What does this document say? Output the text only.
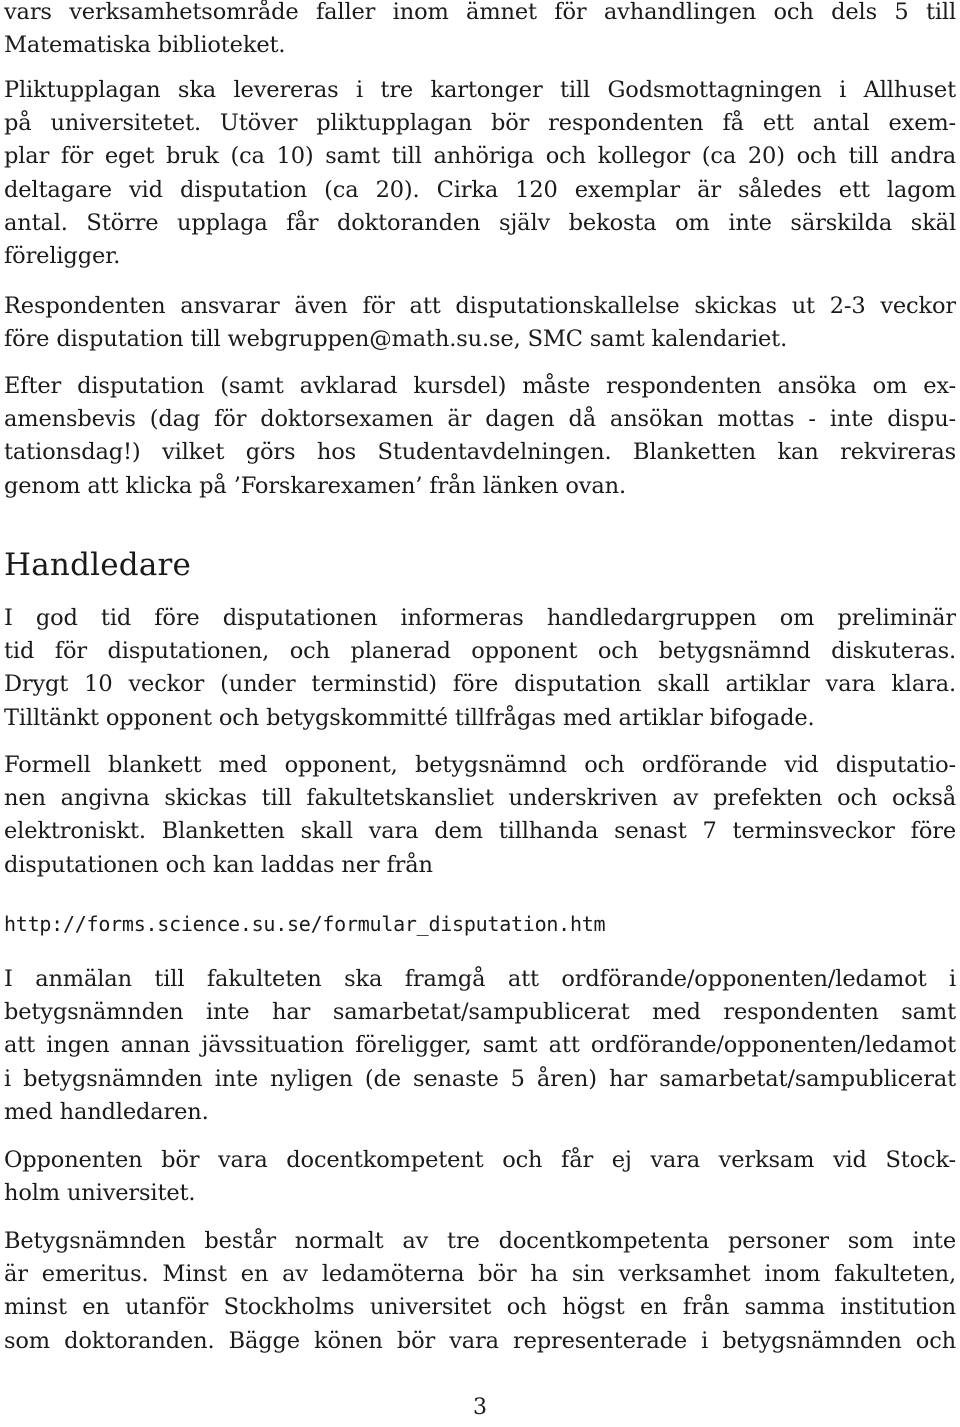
vars verksamhetsområde faller inom ämnet för avhandlingen och dels 5 till
Matematiska biblioteket.
Pliktupplagan ska levereras i tre kartonger till Godsmottagningen i Allhuset
på universitetet. Utöver pliktupplagan bör respondenten få ett antal exem-
plar för eget bruk (ca 10) samt till anhöriga och kollegor (ca 20) och till andra
deltagare vid disputation (ca 20). Cirka 120 exemplar är således ett lagom
antal. Större upplaga får doktoranden själv bekosta om inte särskilda skäl
föreligger.
Respondenten ansvarar även för att disputationskallelse skickas ut 2-3 veckor
före disputation till webgruppen@math.su.se, SMC samt kalendariet.
Efter disputation (samt avklarad kursdel) måste respondenten ansöka om ex-
amensbevis (dag för doktorsexamen är dagen då ansökan mottas - inte dispu-
tationsdag!) vilket görs hos Studentavdelningen. Blanketten kan rekvireras
genom att klicka på ’Forskarexamen’ från länken ovan.
Handledare
I god tid före disputationen informeras handledargruppen om preliminär
tid för disputationen, och planerad opponent och betygsnämnd diskuteras.
Drygt 10 veckor (under terminstid) före disputation skall artiklar vara klara.
Tilltänkt opponent och betygskommitté tillfrågas med artiklar bifogade.
Formell blankett med opponent, betygsnämnd och ordförande vid disputatio-
nen angivna skickas till fakultetskansliet underskriven av prefekten och också
elektroniskt. Blanketten skall vara dem tillhanda senast 7 terminsveckor före
disputationen och kan laddas ner från
http://forms.science.su.se/formular_disputation.htm
I anmälan till fakulteten ska framgå att ordförande/opponenten/ledamot i
betygsnämnden inte har samarbetat/sampublicerat med respondenten samt
att ingen annan jävssituation föreligger, samt att ordförande/opponenten/ledamot
i betygsnämnden inte nyligen (de senaste 5 åren) har samarbetat/sampublicerat
med handledaren.
Opponenten bör vara docentkompetent och får ej vara verksam vid Stock-
holm universitet.
Betygsnämnden består normalt av tre docentkompetenta personer som inte
är emeritus. Minst en av ledamöterna bör ha sin verksamhet inom fakulteten,
minst en utanför Stockholms universitet och högst en från samma institution
som doktoranden. Bägge könen bör vara representerade i betygsnämnden och
3
